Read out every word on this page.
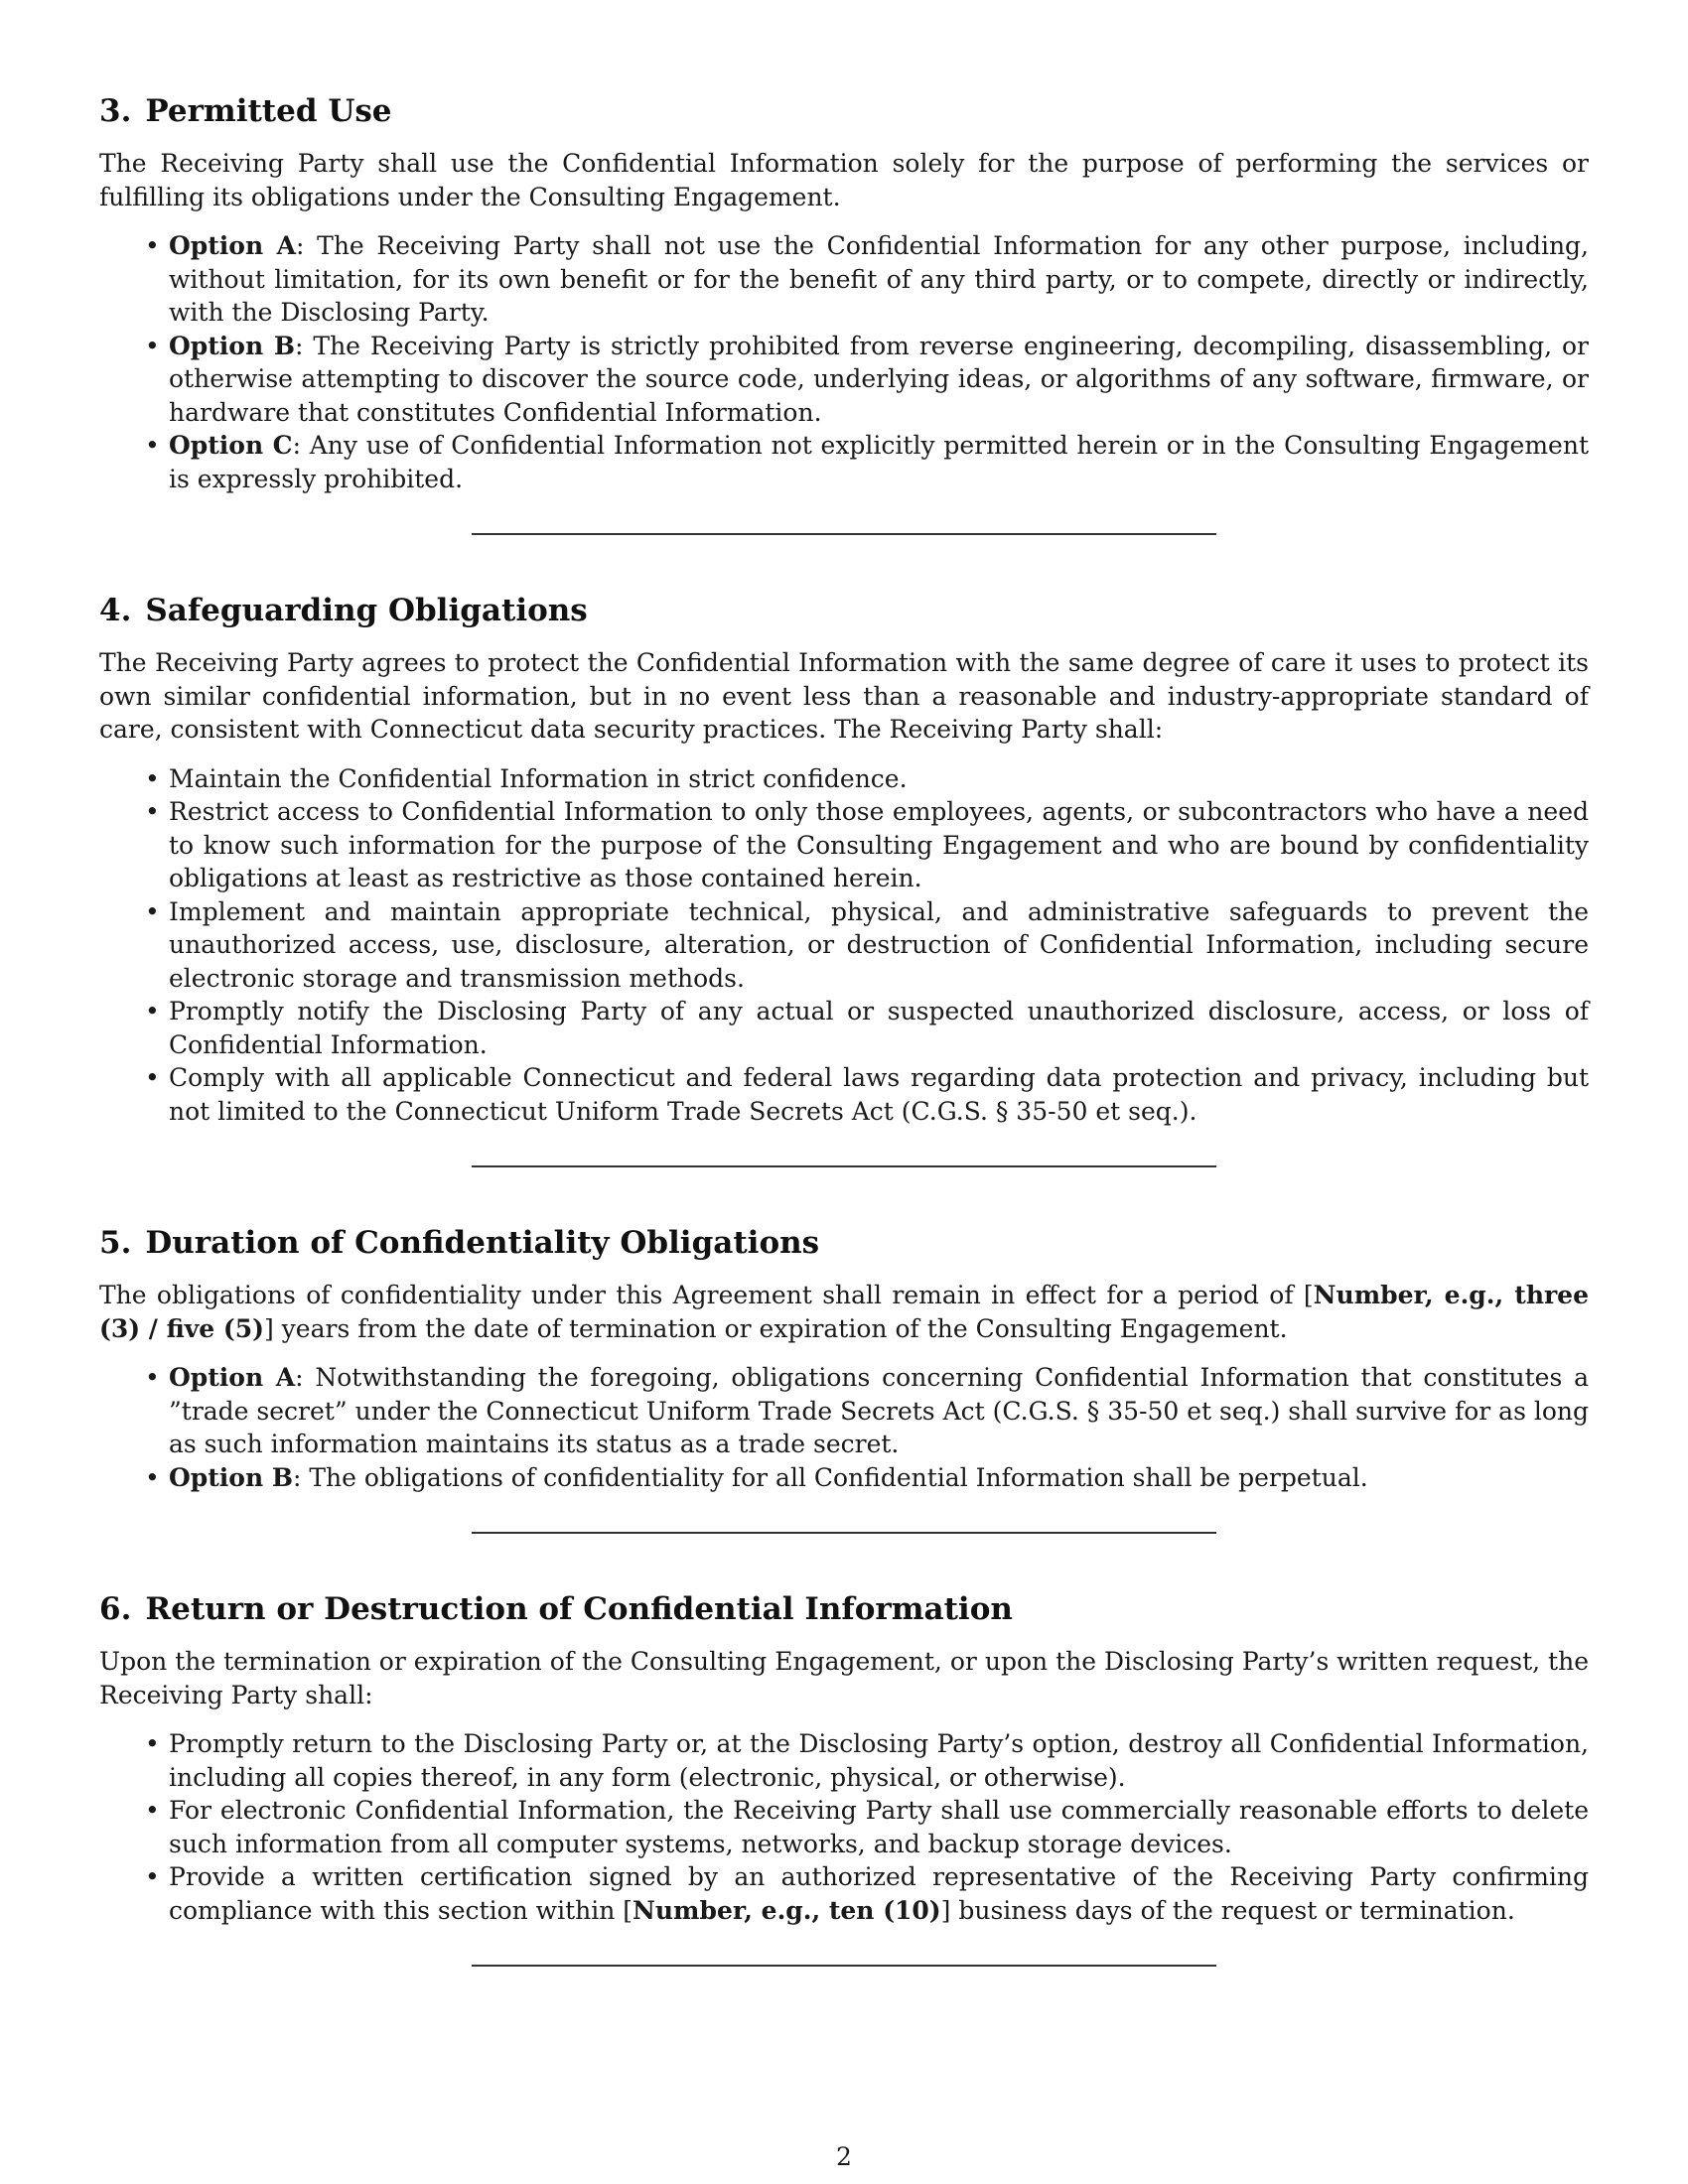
3. Permitted Use

The Receiving Party shall use the Confidential Information solely for the purpose of performing the services or fulfilling its obligations under the Consulting Engagement.

• Option A: The Receiving Party shall not use the Confidential Information for any other purpose, including, without limitation, for its own benefit or for the benefit of any third party, or to compete, directly or indirectly, with the Disclosing Party.
• Option B: The Receiving Party is strictly prohibited from reverse engineering, decompiling, disassembling, or otherwise attempting to discover the source code, underlying ideas, or algorithms of any software, firmware, or hardware that constitutes Confidential Information.
• Option C: Any use of Confidential Information not explicitly permitted herein or in the Consulting Engagement is expressly prohibited.
4. Safeguarding Obligations

The Receiving Party agrees to protect the Confidential Information with the same degree of care it uses to protect its own similar confidential information, but in no event less than a reasonable and industry-appropriate standard of care, consistent with Connecticut data security practices. The Receiving Party shall:

• Maintain the Confidential Information in strict confidence.
• Restrict access to Confidential Information to only those employees, agents, or subcontractors who have a need to know such information for the purpose of the Consulting Engagement and who are bound by confidentiality obligations at least as restrictive as those contained herein.
• Implement and maintain appropriate technical, physical, and administrative safeguards to prevent the unauthorized access, use, disclosure, alteration, or destruction of Confidential Information, including secure electronic storage and transmission methods.
• Promptly notify the Disclosing Party of any actual or suspected unauthorized disclosure, access, or loss of Confidential Information.
• Comply with all applicable Connecticut and federal laws regarding data protection and privacy, including but not limited to the Connecticut Uniform Trade Secrets Act (C.G.S. § 35-50 et seq.).
5. Duration of Confidentiality Obligations

The obligations of confidentiality under this Agreement shall remain in effect for a period of [Number, e.g., three (3) / five (5)] years from the date of termination or expiration of the Consulting Engagement.

• Option A: Notwithstanding the foregoing, obligations concerning Confidential Information that constitutes a ”trade secret” under the Connecticut Uniform Trade Secrets Act (C.G.S. § 35-50 et seq.) shall survive for as long as such information maintains its status as a trade secret.
• Option B: The obligations of confidentiality for all Confidential Information shall be perpetual.
6. Return or Destruction of Confidential Information

Upon the termination or expiration of the Consulting Engagement, or upon the Disclosing Party’s written request, the Receiving Party shall:

• Promptly return to the Disclosing Party or, at the Disclosing Party’s option, destroy all Confidential Information, including all copies thereof, in any form (electronic, physical, or otherwise).
• For electronic Confidential Information, the Receiving Party shall use commercially reasonable efforts to delete such information from all computer systems, networks, and backup storage devices.
• Provide a written certification signed by an authorized representative of the Receiving Party confirming compliance with this section within [Number, e.g., ten (10)] business days of the request or termination.
2
